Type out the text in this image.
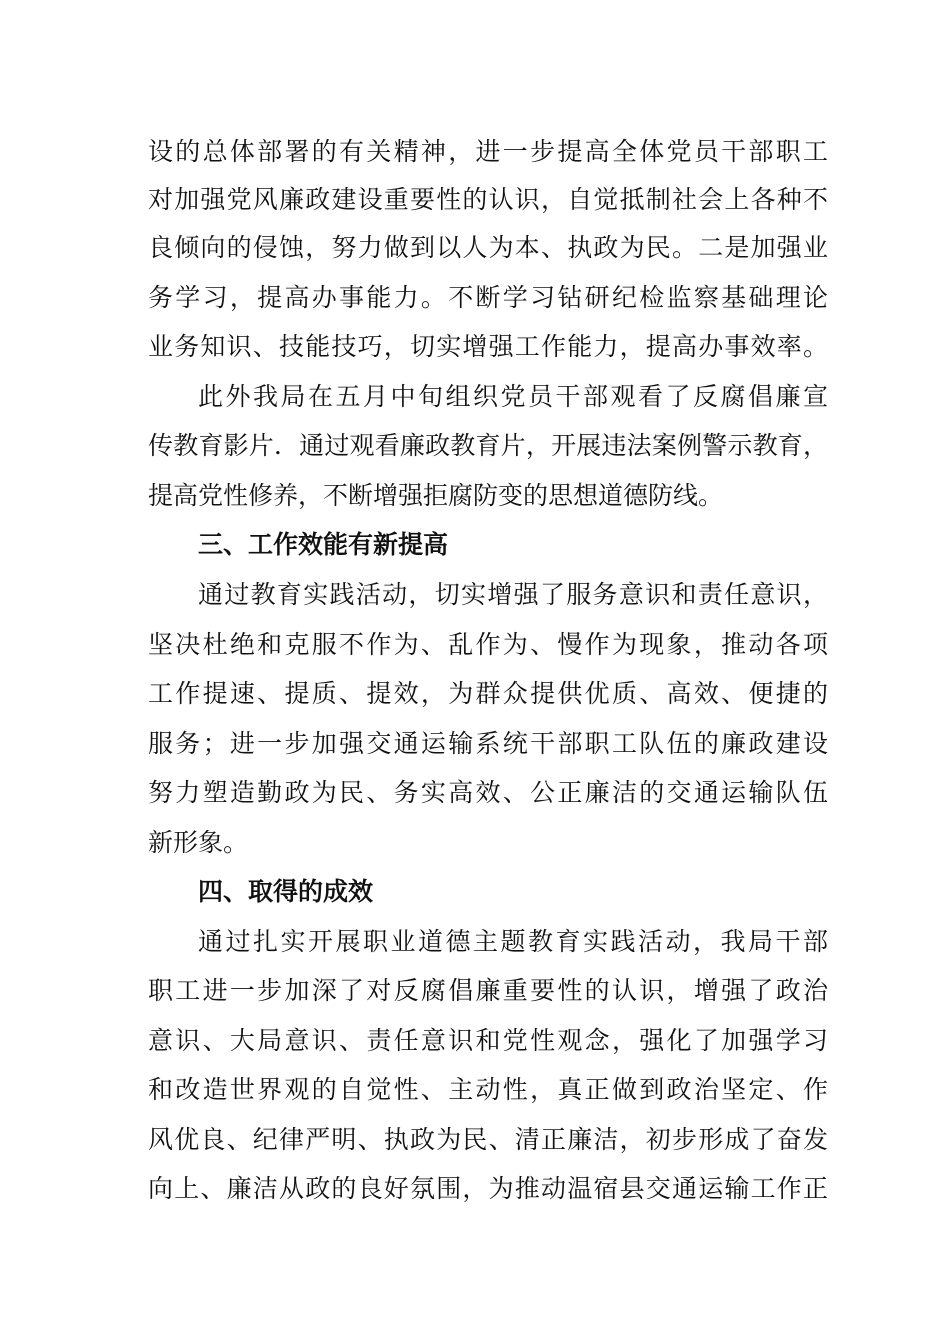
设的总体部署的有关精神，进一步提高全体党员干部职工
对加强党风廉政建设重要性的认识，自觉抵制社会上各种不
良倾向的侵蚀，努力做到以人为本、执政为民。二是加强业
务学习，提高办事能力。不断学习钻研纪检监察基础理论
业务知识、技能技巧，切实增强工作能力，提高办事效率。
此外我局在五月中旬组织党员干部观看了反腐倡廉宣
传教育影片．通过观看廉政教育片，开展违法案例警示教育，
提高党性修养，不断增强拒腐防变的思想道德防线。
三、工作效能有新提高
通过教育实践活动，切实增强了服务意识和责任意识，
坚决杜绝和克服不作为、乱作为、慢作为现象，推动各项
工作提速、提质、提效，为群众提供优质、高效、便捷的
服务；进一步加强交通运输系统干部职工队伍的廉政建设
努力塑造勤政为民、务实高效、公正廉洁的交通运输队伍
新形象。
四、取得的成效
通过扎实开展职业道德主题教育实践活动，我局干部
职工进一步加深了对反腐倡廉重要性的认识，增强了政治
意识、大局意识、责任意识和党性观念，强化了加强学习
和改造世界观的自觉性、主动性，真正做到政治坚定、作
风优良、纪律严明、执政为民、清正廉洁，初步形成了奋发
向上、廉洁从政的良好氛围，为推动温宿县交通运输工作正
